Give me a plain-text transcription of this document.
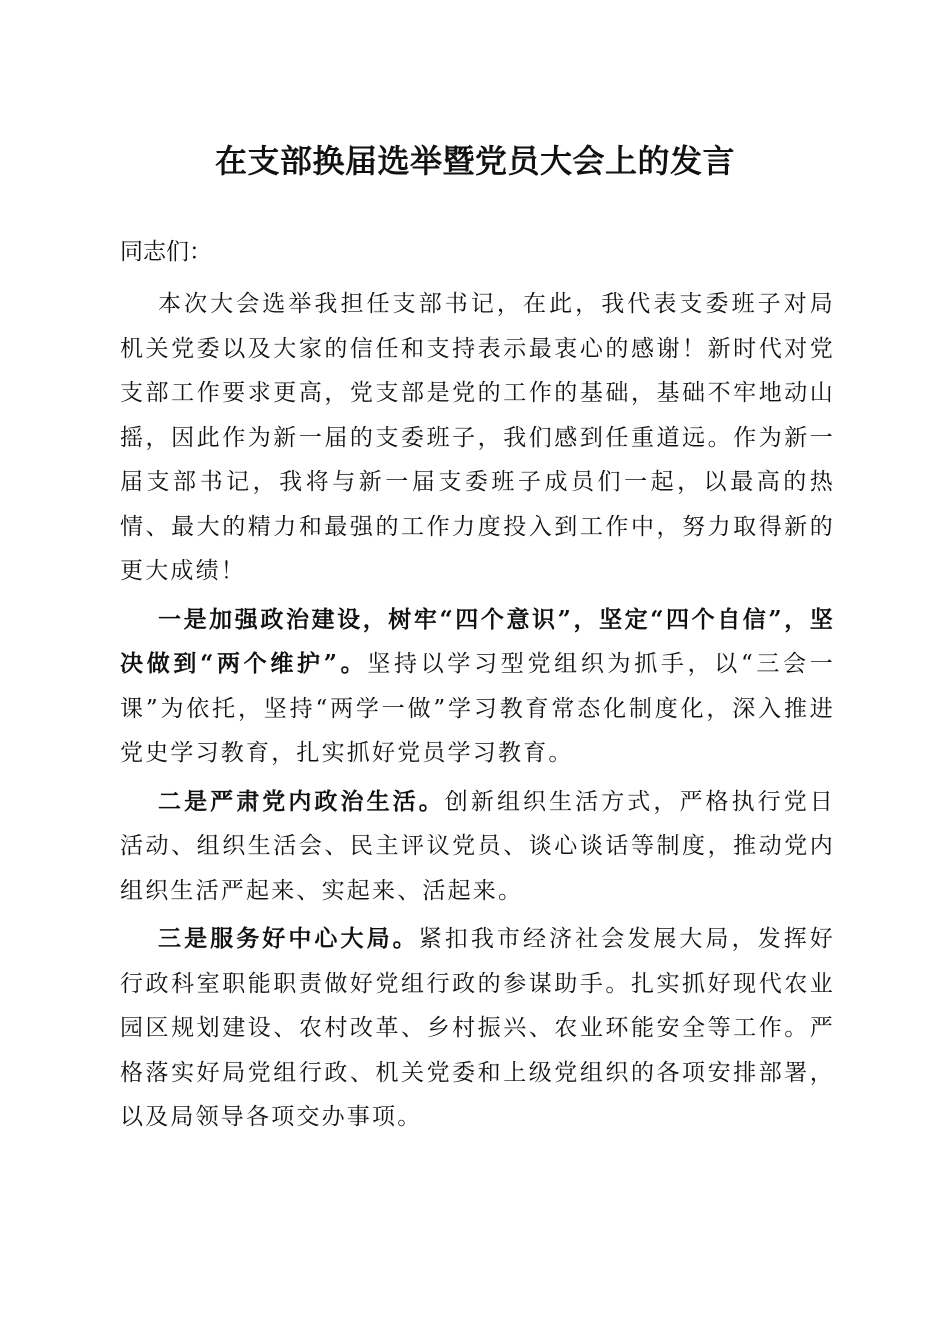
在支部换届选举暨党员大会上的发言

同志们：

本次大会选举我担任支部书记，在此，我代表支委班子对局机关党委以及大家的信任和支持表示最衷心的感谢！新时代对党支部工作要求更高，党支部是党的工作的基础，基础不牢地动山摇，因此作为新一届的支委班子，我们感到任重道远。作为新一届支部书记，我将与新一届支委班子成员们一起，以最高的热情、最大的精力和最强的工作力度投入到工作中，努力取得新的更大成绩！

一是加强政治建设，树牢“四个意识”，坚定“四个自信”，坚决做到“两个维护”。坚持以学习型党组织为抓手，以“三会一课”为依托，坚持“两学一做”学习教育常态化制度化，深入推进党史学习教育，扎实抓好党员学习教育。

二是严肃党内政治生活。创新组织生活方式，严格执行党日活动、组织生活会、民主评议党员、谈心谈话等制度，推动党内组织生活严起来、实起来、活起来。

三是服务好中心大局。紧扣我市经济社会发展大局，发挥好行政科室职能职责做好党组行政的参谋助手。扎实抓好现代农业园区规划建设、农村改革、乡村振兴、农业环能安全等工作。严格落实好局党组行政、机关党委和上级党组织的各项安排部署，以及局领导各项交办事项。
